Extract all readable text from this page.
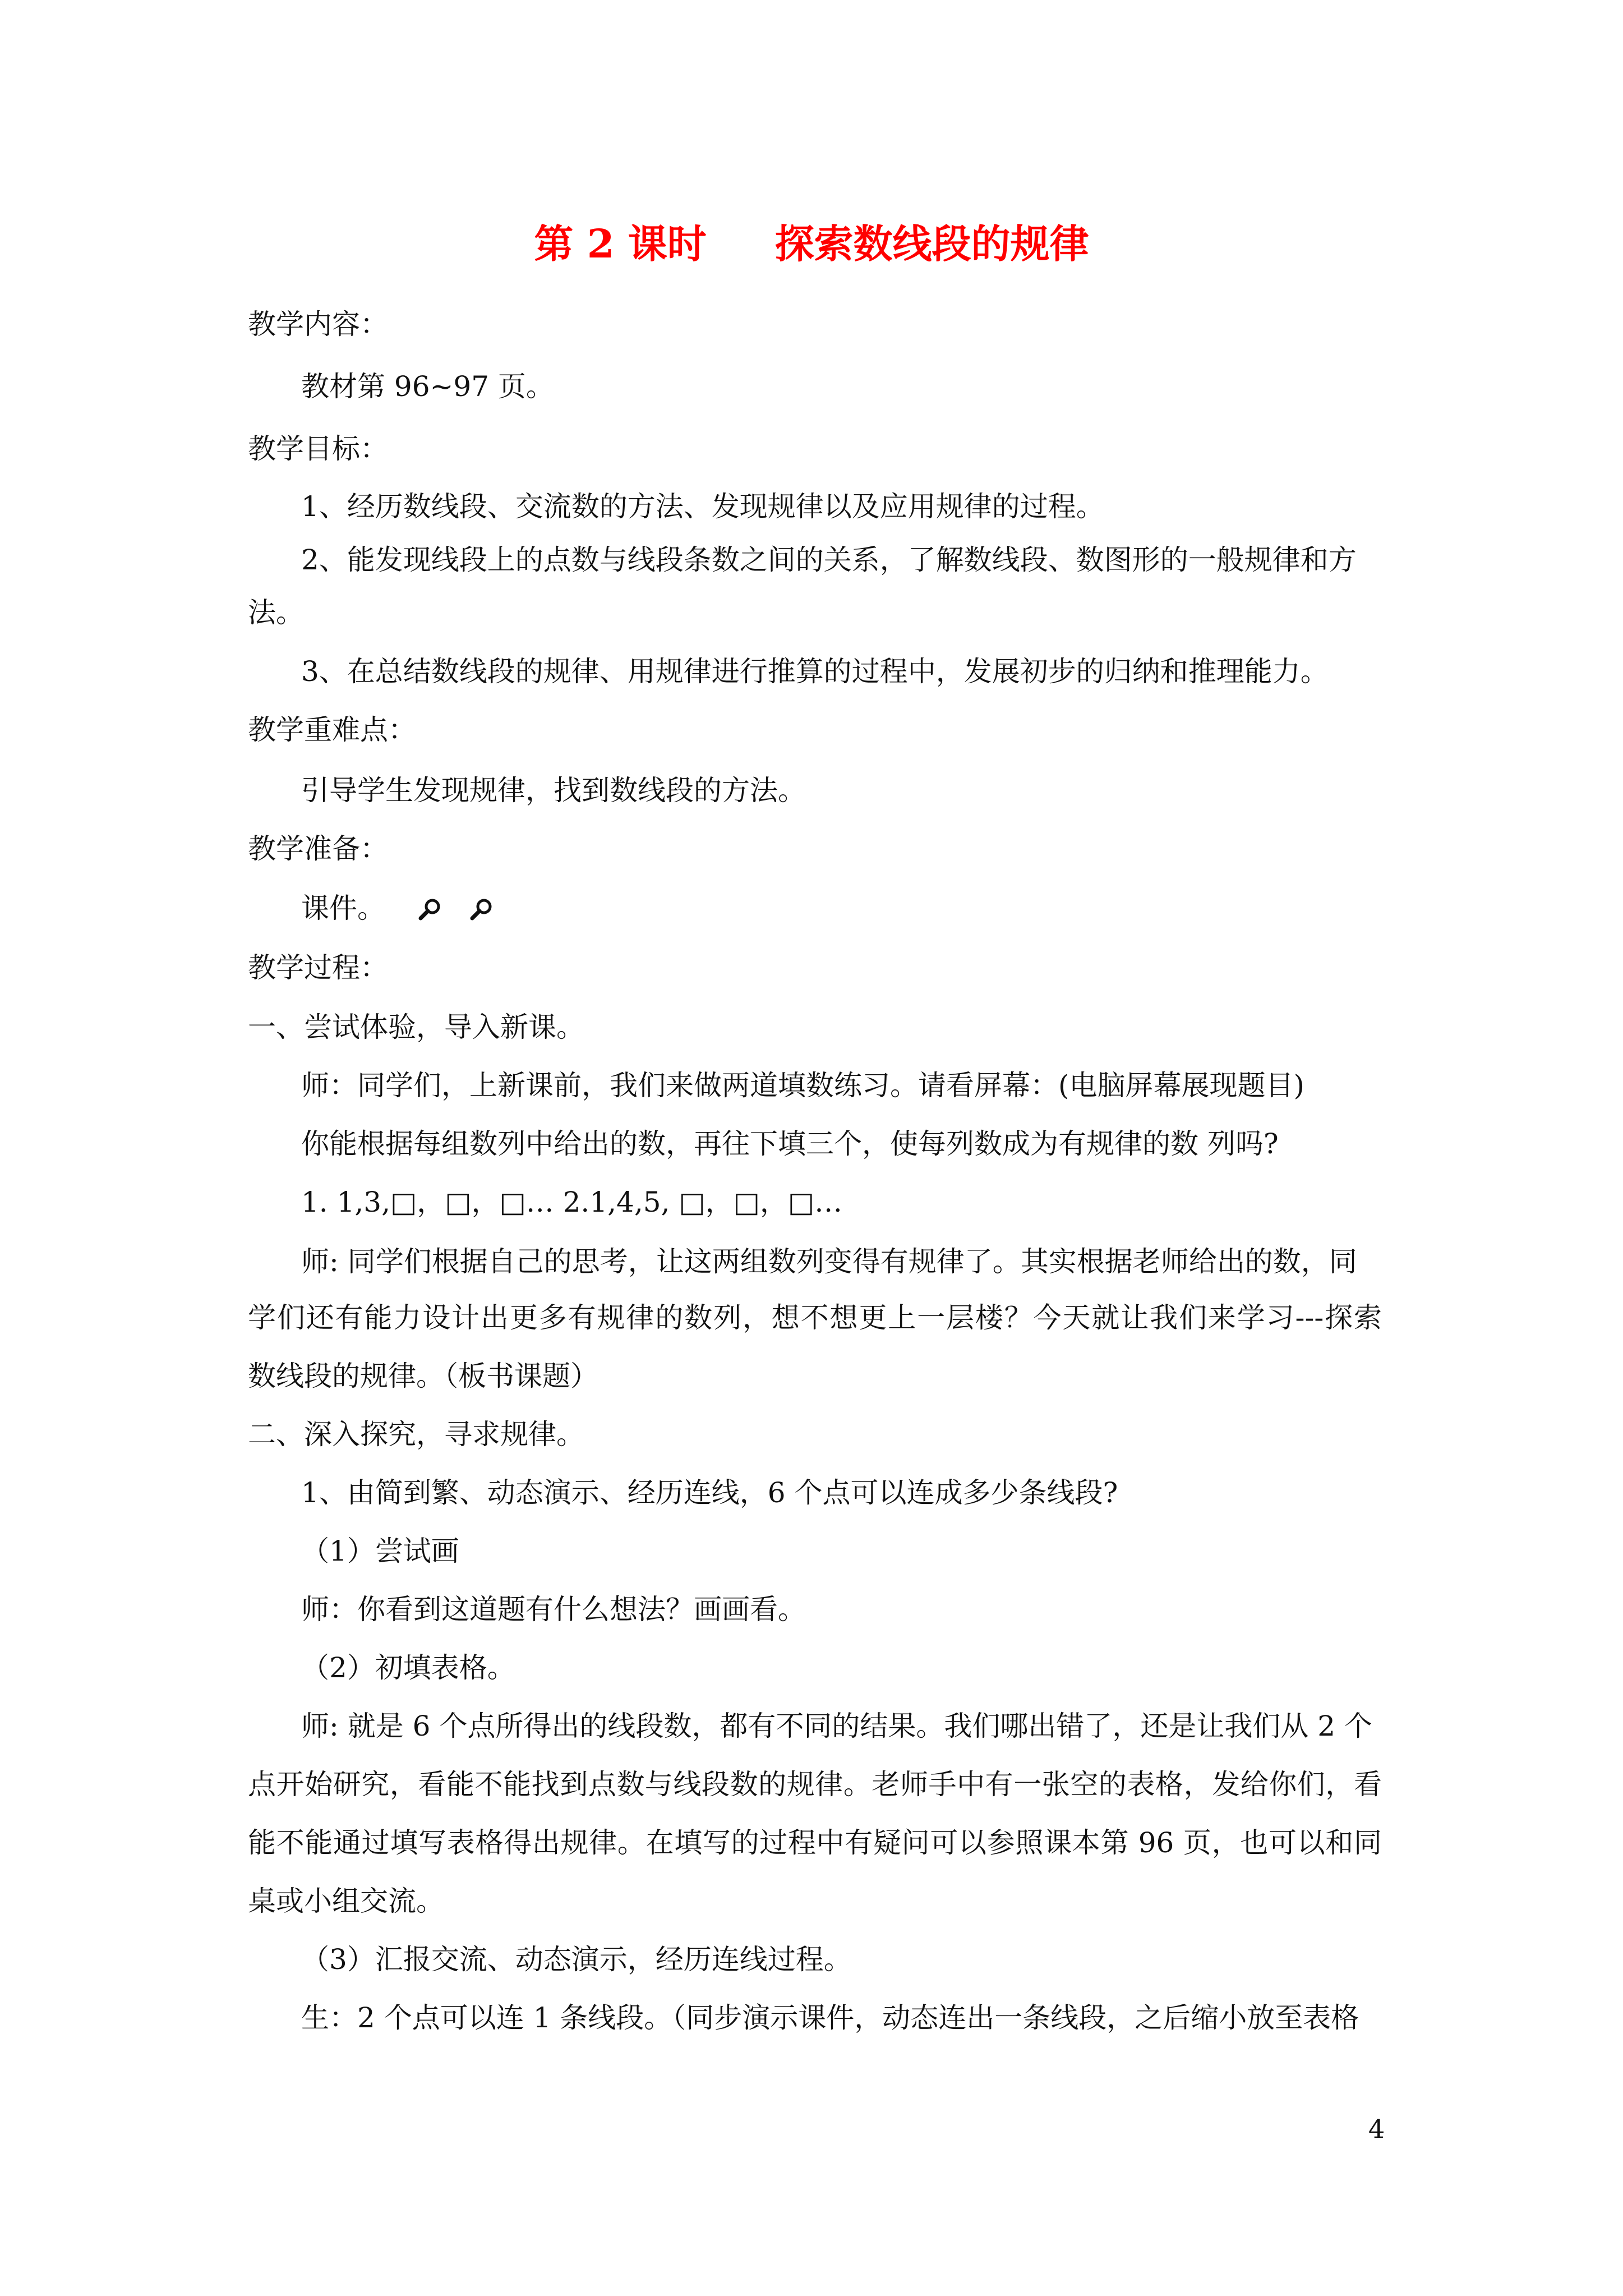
第 2 课时     探索数线段的规律
教学内容：
教材第 96~97 页。
教学目标：
1、经历数线段、交流数的方法、发现规律以及应用规律的过程。
2、能发现线段上的点数与线段条数之间的关系，了解数线段、数图形的一般规律和方
法。
3、在总结数线段的规律、用规律进行推算的过程中，发展初步的归纳和推理能力。
教学重难点：
引导学生发现规律，找到数线段的方法。
教学准备：
课件。
教学过程：
一、尝试体验，导入新课。
师：同学们，上新课前，我们来做两道填数练习。请看屏幕：(电脑屏幕展现题目)
你能根据每组数列中给出的数，再往下填三个，使每列数成为有规律的数 列吗?
1. 1,3,□，□，□… 2.1,4,5, □，□，□…
师: 同学们根据自己的思考，让这两组数列变得有规律了。其实根据老师给出的数，同
学们还有能力设计出更多有规律的数列，想不想更上一层楼？今天就让我们来学习---探索
数线段的规律。（板书课题）
二、深入探究，寻求规律。
1、由简到繁、动态演示、经历连线，6 个点可以连成多少条线段?
（1）尝试画
师：你看到这道题有什么想法？画画看。
（2）初填表格。
师: 就是 6 个点所得出的线段数，都有不同的结果。我们哪出错了，还是让我们从 2 个
点开始研究，看能不能找到点数与线段数的规律。老师手中有一张空的表格，发给你们，看
能不能通过填写表格得出规律。在填写的过程中有疑问可以参照课本第 96 页，也可以和同
桌或小组交流。
（3）汇报交流、动态演示，经历连线过程。
生：2 个点可以连 1 条线段。（同步演示课件，动态连出一条线段，之后缩小放至表格
4
